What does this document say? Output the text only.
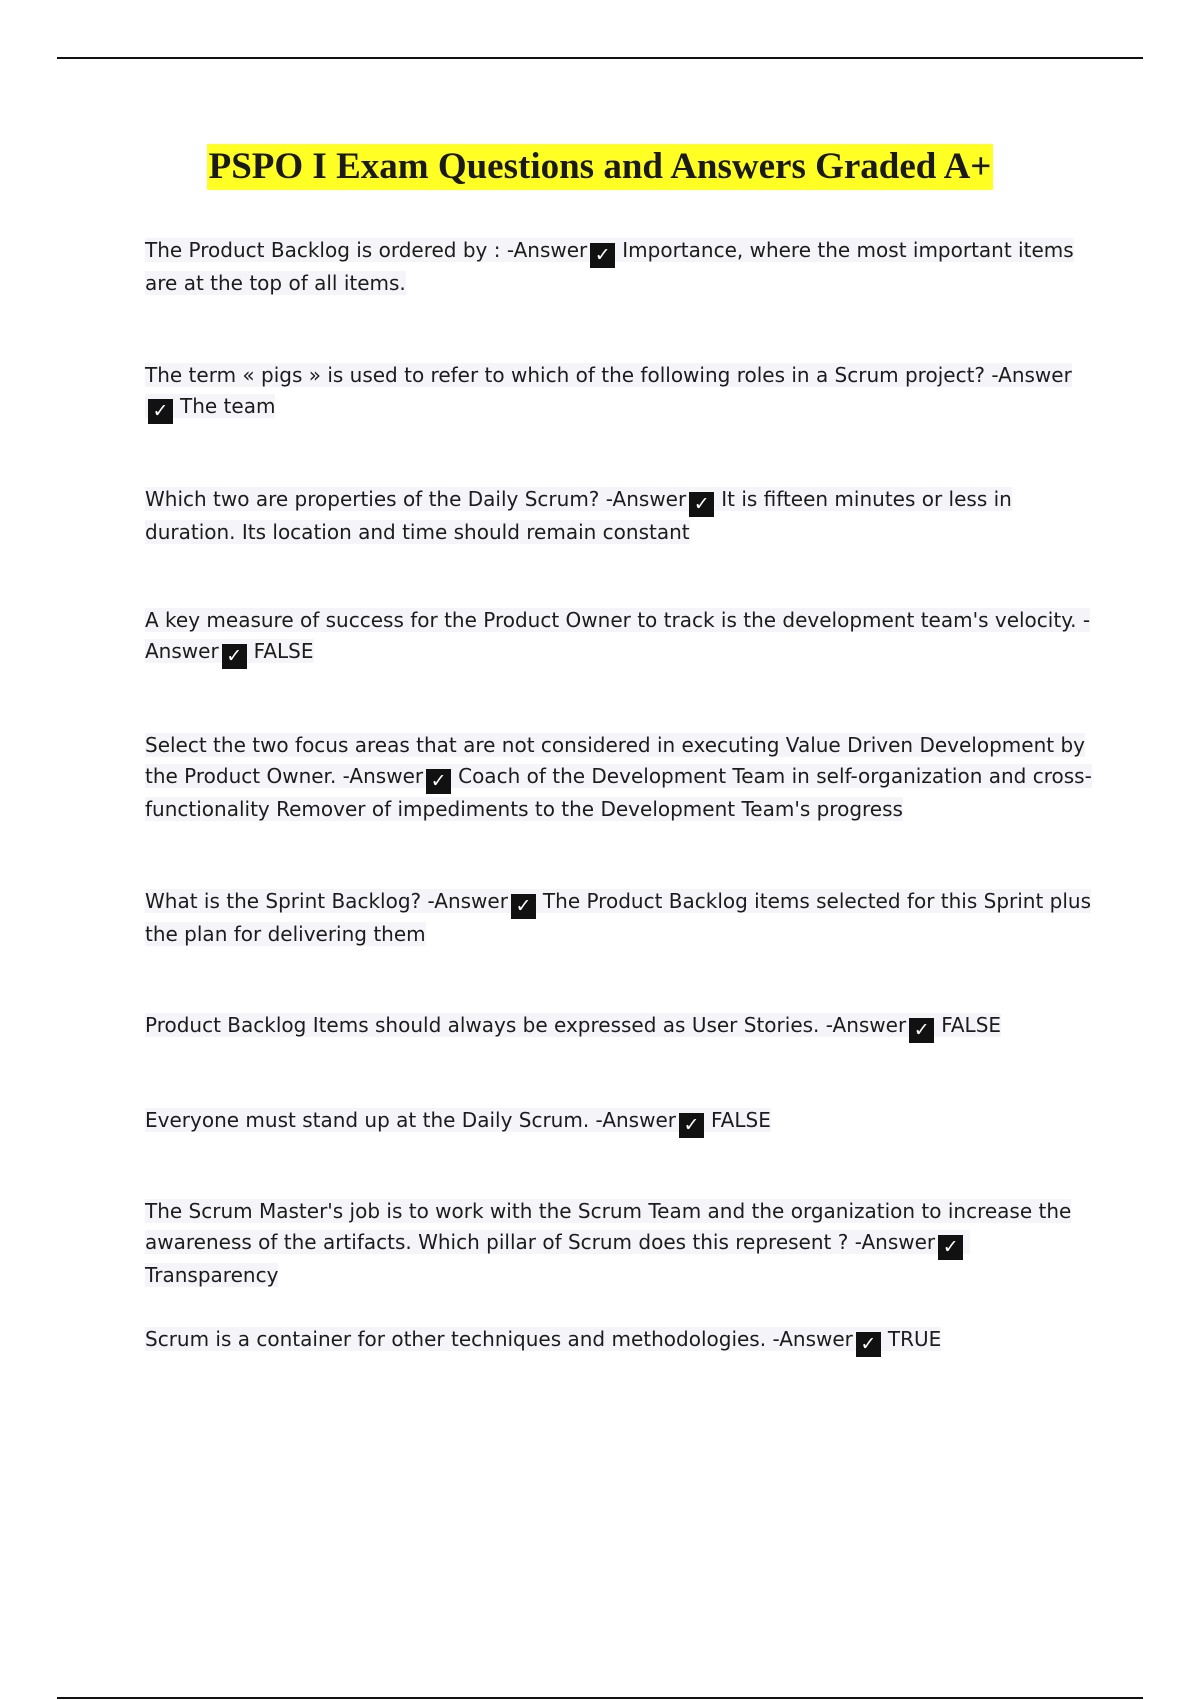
PSPO I Exam Questions and Answers Graded A+
The Product Backlog is ordered by : -Answer ✓ Importance, where the most important items are at the top of all items.
The term « pigs » is used to refer to which of the following roles in a Scrum project? -Answer✓ The team
Which two are properties of the Daily Scrum? -Answer ✓ It is fifteen minutes or less in duration. Its location and time should remain constant
A key measure of success for the Product Owner to track is the development team's velocity. -Answer ✓ FALSE
Select the two focus areas that are not considered in executing Value Driven Development by the Product Owner. -Answer ✓ Coach of the Development Team in self-organization and cross-functionality Remover of impediments to the Development Team's progress
What is the Sprint Backlog? -Answer ✓ The Product Backlog items selected for this Sprint plus the plan for delivering them
Product Backlog Items should always be expressed as User Stories. -Answer ✓ FALSE
Everyone must stand up at the Daily Scrum. -Answer ✓ FALSE
The Scrum Master's job is to work with the Scrum Team and the organization to increase the awareness of the artifacts. Which pillar of Scrum does this represent ? -Answer ✓Transparency
Scrum is a container for other techniques and methodologies. -Answer ✓ TRUE
